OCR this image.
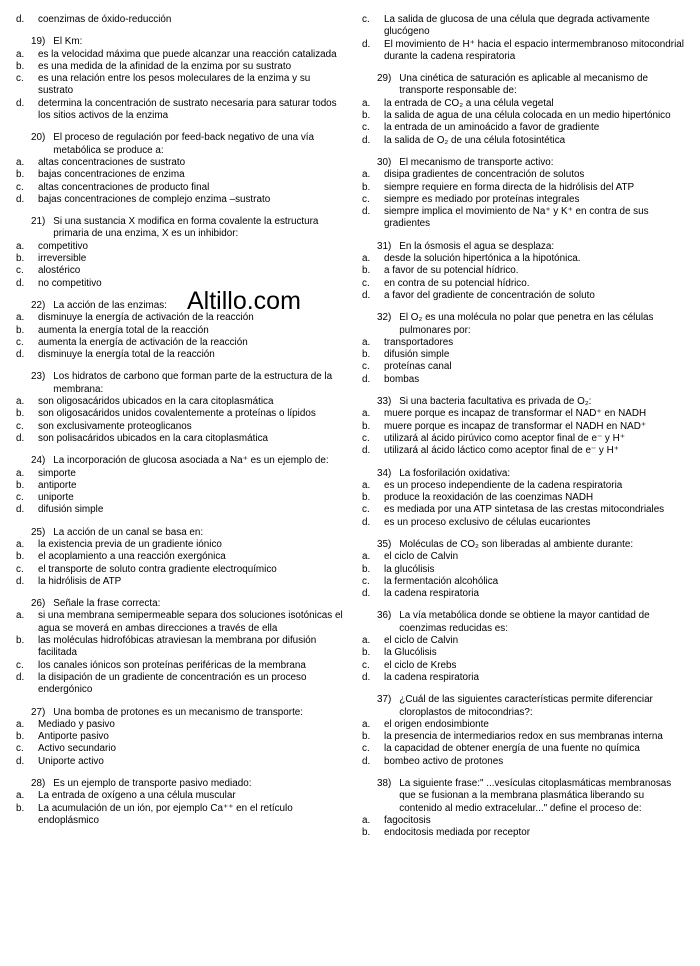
d.	coenzimas de óxido-reducción
19) El Km:
a.	es la velocidad máxima que puede alcanzar una reacción catalizada
b.	es una medida de la afinidad de la enzima por su sustrato
c.	es una relación entre los pesos moleculares de la enzima y su sustrato
d.	determina la concentración de sustrato necesaria para saturar todos los sitios activos de la enzima
20) El proceso de regulación por feed-back negativo de una vía metabólica se produce a:
a.	altas concentraciones de sustrato
b.	bajas concentraciones de enzima
c.	altas concentraciones de producto final
d.	bajas concentraciones de complejo enzima –sustrato
21) Si una sustancia X modifica en forma covalente la estructura primaria de una enzima, X es un inhibidor:
a.	competitivo
b.	irreversible
c.	alostérico
d.	no competitivo
22) La acción de las enzimas:
a.	disminuye la energía de activación de la reacción
b.	aumenta la energía total de la reacción
c.	aumenta la energía de activación de la reacción
d.	disminuye la energía total de la reacción
23) Los hidratos de carbono que forman parte de la estructura de la membrana:
a.	son oligosacáridos ubicados en la cara citoplasmática
b.	son oligosacáridos unidos covalentemente a proteínas o lípidos
c.	son exclusivamente proteoglicanos
d.	son polisacáridos ubicados en la cara citoplasmática
24) La incorporación de glucosa asociada a Na⁺ es un ejemplo de:
a.	simporte
b.	antiporte
c.	uniporte
d.	difusión simple
25) La acción de un canal se basa en:
a.	la existencia previa de un gradiente iónico
b.	el acoplamiento a una reacción exergónica
c.	el transporte de soluto contra gradiente electroquímico
d.	la hidrólisis de ATP
26) Señale la frase correcta:
a.	si una membrana semipermeable separa dos soluciones isotónicas el agua se moverá en ambas direcciones a través de ella
b.	las moléculas hidrofóbicas atraviesan la membrana por difusión facilitada
c.	los canales iónicos son proteínas periféricas de la membrana
d.	la disipación de un gradiente de concentración es un proceso endergónico
27) Una bomba de protones es un mecanismo de transporte:
a.	Mediado y pasivo
b.	Antiporte pasivo
c.	Activo secundario
d.	Uniporte activo
28) Es un ejemplo de transporte pasivo mediado:
a.	La entrada de oxígeno a una célula muscular
b.	La acumulación de un ión, por ejemplo Ca⁺⁺ en el retículo endoplásmico
c.	La salida de glucosa de una célula que degrada activamente glucógeno
d.	El movimiento de H⁺ hacia el espacio intermembranoso mitocondrial durante la cadena respiratoria
29) Una cinética de saturación es aplicable al mecanismo de transporte responsable de:
a.	la entrada de CO₂ a una célula vegetal
b.	la salida de agua de una célula colocada en un medio hipertónico
c.	la entrada de un aminoácido a favor de gradiente
d.	la salida de O₂ de una célula fotosintética
30) El mecanismo de transporte activo:
a.	disipa gradientes de concentración de solutos
b.	siempre requiere en forma directa de la hidrólisis del ATP
c.	siempre es mediado por proteínas integrales
d.	siempre implica el movimiento de Na⁺ y K⁺ en contra de sus gradientes
31) En la ósmosis el agua se desplaza:
a.	desde la solución hipertónica a la hipotónica.
b.	a favor de su potencial hídrico.
c.	en contra de su potencial hídrico.
d.	a favor del gradiente de concentración de soluto
32) El O₂ es una molécula no polar que penetra en las células pulmonares por:
a.	transportadores
b.	difusión simple
c.	proteínas canal
d.	bombas
33) Si una bacteria facultativa es privada de O₂:
a.	muere porque es incapaz de transformar el NAD⁺ en NADH
b.	muere porque es incapaz de transformar el NADH en NAD⁺
c.	utilizará al ácido pirúvico como aceptor final de e⁻ y H⁺
d.	utilizará al ácido láctico como aceptor final de e⁻ y H⁺
34) La fosforilación oxidativa:
a.	es un proceso independiente de la cadena respiratoria
b.	produce la reoxidación de las coenzimas NADH
c.	es mediada por una ATP sintetasa de las crestas mitocondriales
d.	es un proceso exclusivo de células eucariontes
35) Moléculas de CO₂ son liberadas al ambiente durante:
a.	el ciclo de Calvin
b.	la glucólisis
c.	la fermentación alcohólica
d.	la cadena respiratoria
36) La vía metabólica donde se obtiene la mayor cantidad de coenzimas reducidas es:
a.	el ciclo de Calvin
b.	la Glucólisis
c.	el ciclo de Krebs
d.	la cadena respiratoria
37) ¿Cuál de las siguientes características permite diferenciar cloroplastos de mitocondrias?:
a.	el origen endosimbionte
b.	la presencia de intermediarios redox en sus membranas interna
c.	la capacidad de obtener energía de una fuente no química
d.	bombeo activo de protones
38) La siguiente frase:" ...vesículas citoplasmáticas membranosas que se fusionan a la membrana plasmática liberando su contenido al medio extracelular..." define el proceso de:
a.	fagocitosis
b.	endocitosis mediada por receptor
Altillo.com
